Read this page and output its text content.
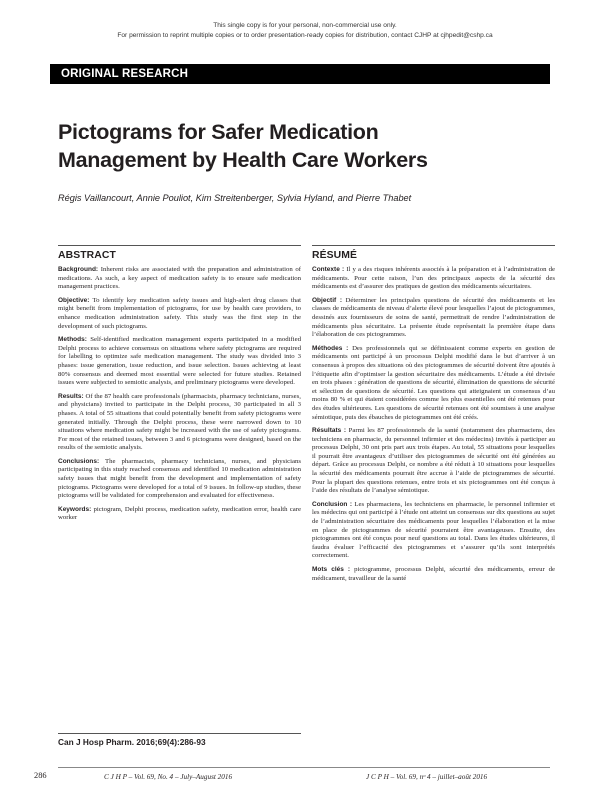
This single copy is for your personal, non-commercial use only.
For permission to reprint multiple copies or to order presentation-ready copies for distribution, contact CJHP at cjhpedit@cshp.ca
ORIGINAL RESEARCH
Pictograms for Safer Medication
Management by Health Care Workers
Régis Vaillancourt, Annie Pouliot, Kim Streitenberger, Sylvia Hyland, and Pierre Thabet
ABSTRACT

Background: Inherent risks are associated with the preparation and administration of medications. As such, a key aspect of medication safety is to ensure safe medication management practices.

Objective: To identify key medication safety issues and high-alert drug classes that might benefit from implementation of pictograms, for use by health care providers, to enhance medication administration safety. This study was the first step in the development of such pictograms.

Methods: Self-identified medication management experts participated in a modified Delphi process to achieve consensus on situations where safety pictograms are required for labelling to optimize safe medication management. The study was divided into 3 phases: issue generation, issue reduction, and issue selection. Issues achieving at least 80% consensus and deemed most essential were selected for future studies. Retained issues were subjected to semiotic analysis, and preliminary pictograms were developed.

Results: Of the 87 health care professionals (pharmacists, pharmacy technicians, nurses, and physicians) invited to participate in the Delphi process, 30 participated in all 3 phases. A total of 55 situations that could potentially benefit from safety pictograms were generated initially. Through the Delphi process, these were narrowed down to 10 situations where medication safety might be increased with the use of safety pictograms. For most of the retained issues, between 3 and 6 pictograms were designed, based on the results of the semiotic analysis.

Conclusions: The pharmacists, pharmacy technicians, nurses, and physicians participating in this study reached consensus and identified 10 medication administration safety issues that might benefit from the development and implementation of safety pictograms. Pictograms were developed for a total of 9 issues. In follow-up studies, these pictograms will be validated for comprehension and evaluated for effectiveness.

Keywords: pictogram, Delphi process, medication safety, medication error, health care worker

Can J Hosp Pharm. 2016;69(4):286-93
RÉSUMÉ

Contexte : Il y a des risques inhérents associés à la préparation et à l’administration de médicaments. Pour cette raison, l’un des principaux aspects de la sécurité des médicaments est d’assurer des pratiques de gestion des médicaments sécuritaires.

Objectif : Déterminer les principales questions de sécurité des médicaments et les classes de médicaments de niveau d’alerte élevé pour lesquelles l’ajout de pictogrammes, dessinés aux fournisseurs de soins de santé, permettrait de rendre l’administration de médicaments plus sécuritaire. La présente étude représentait la première étape dans l’élaboration de ces pictogrammes.

Méthodes : Des professionnels qui se définissaient comme experts en gestion de médicaments ont participé à un processus Delphi modifié dans le but d’arriver à un consensus à propos des situations où des pictogrammes de sécurité doivent être ajoutés à l’étiquette afin d’optimiser la gestion sécuritaire des médicaments. L’étude a été divisée en trois phases : génération de questions de sécurité, élimination de questions de sécurité et sélection de questions de sécurité. Les questions qui atteignaient un consensus d’au moins 80 % et qui étaient considérées comme les plus essentielles ont été retenues pour des études ultérieures. Les questions de sécurité retenues ont été soumises à une analyse sémiotique, puis des ébauches de pictogrammes ont été créés.

Résultats : Parmi les 87 professionnels de la santé (notamment des pharmaciens, des techniciens en pharmacie, du personnel infirmier et des médecins) invités à participer au processus Delphi, 30 ont pris part aux trois étapes. Au total, 55 situations pour lesquelles il pourrait être avantageux d’utiliser des pictogrammes de sécurité ont été générées au départ. Grâce au processus Delphi, ce nombre a été réduit à 10 situations pour lesquelles la sécurité des médicaments pourrait être accrue à l’aide de pictogrammes de sécurité. Pour la plupart des questions retenues, entre trois et six pictogrammes ont été conçus à l’aide des résultats de l’analyse sémiotique.

Conclusion : Les pharmaciens, les techniciens en pharmacie, le personnel infirmier et les médecins qui ont participé à l’étude ont atteint un consensus sur dix questions au sujet de l’administration sécuritaire des médicaments pour lesquelles l’élaboration et la mise en place de pictogrammes de sécurité pourraient être avantageuses. Ensuite, des pictogrammes ont été conçus pour neuf questions au total. Dans les études ultérieures, il faudra évaluer l’efficacité des pictogrammes et s’assurer qu’ils sont interprétés correctement.

Mots clés : pictogramme, processus Delphi, sécurité des médicaments, erreur de médicament, travailleur de la santé

286	C J H P – Vol. 69, No. 4 – July–August 2016	J C P H – Vol. 69, nᵒ 4 – juillet–août 2016
